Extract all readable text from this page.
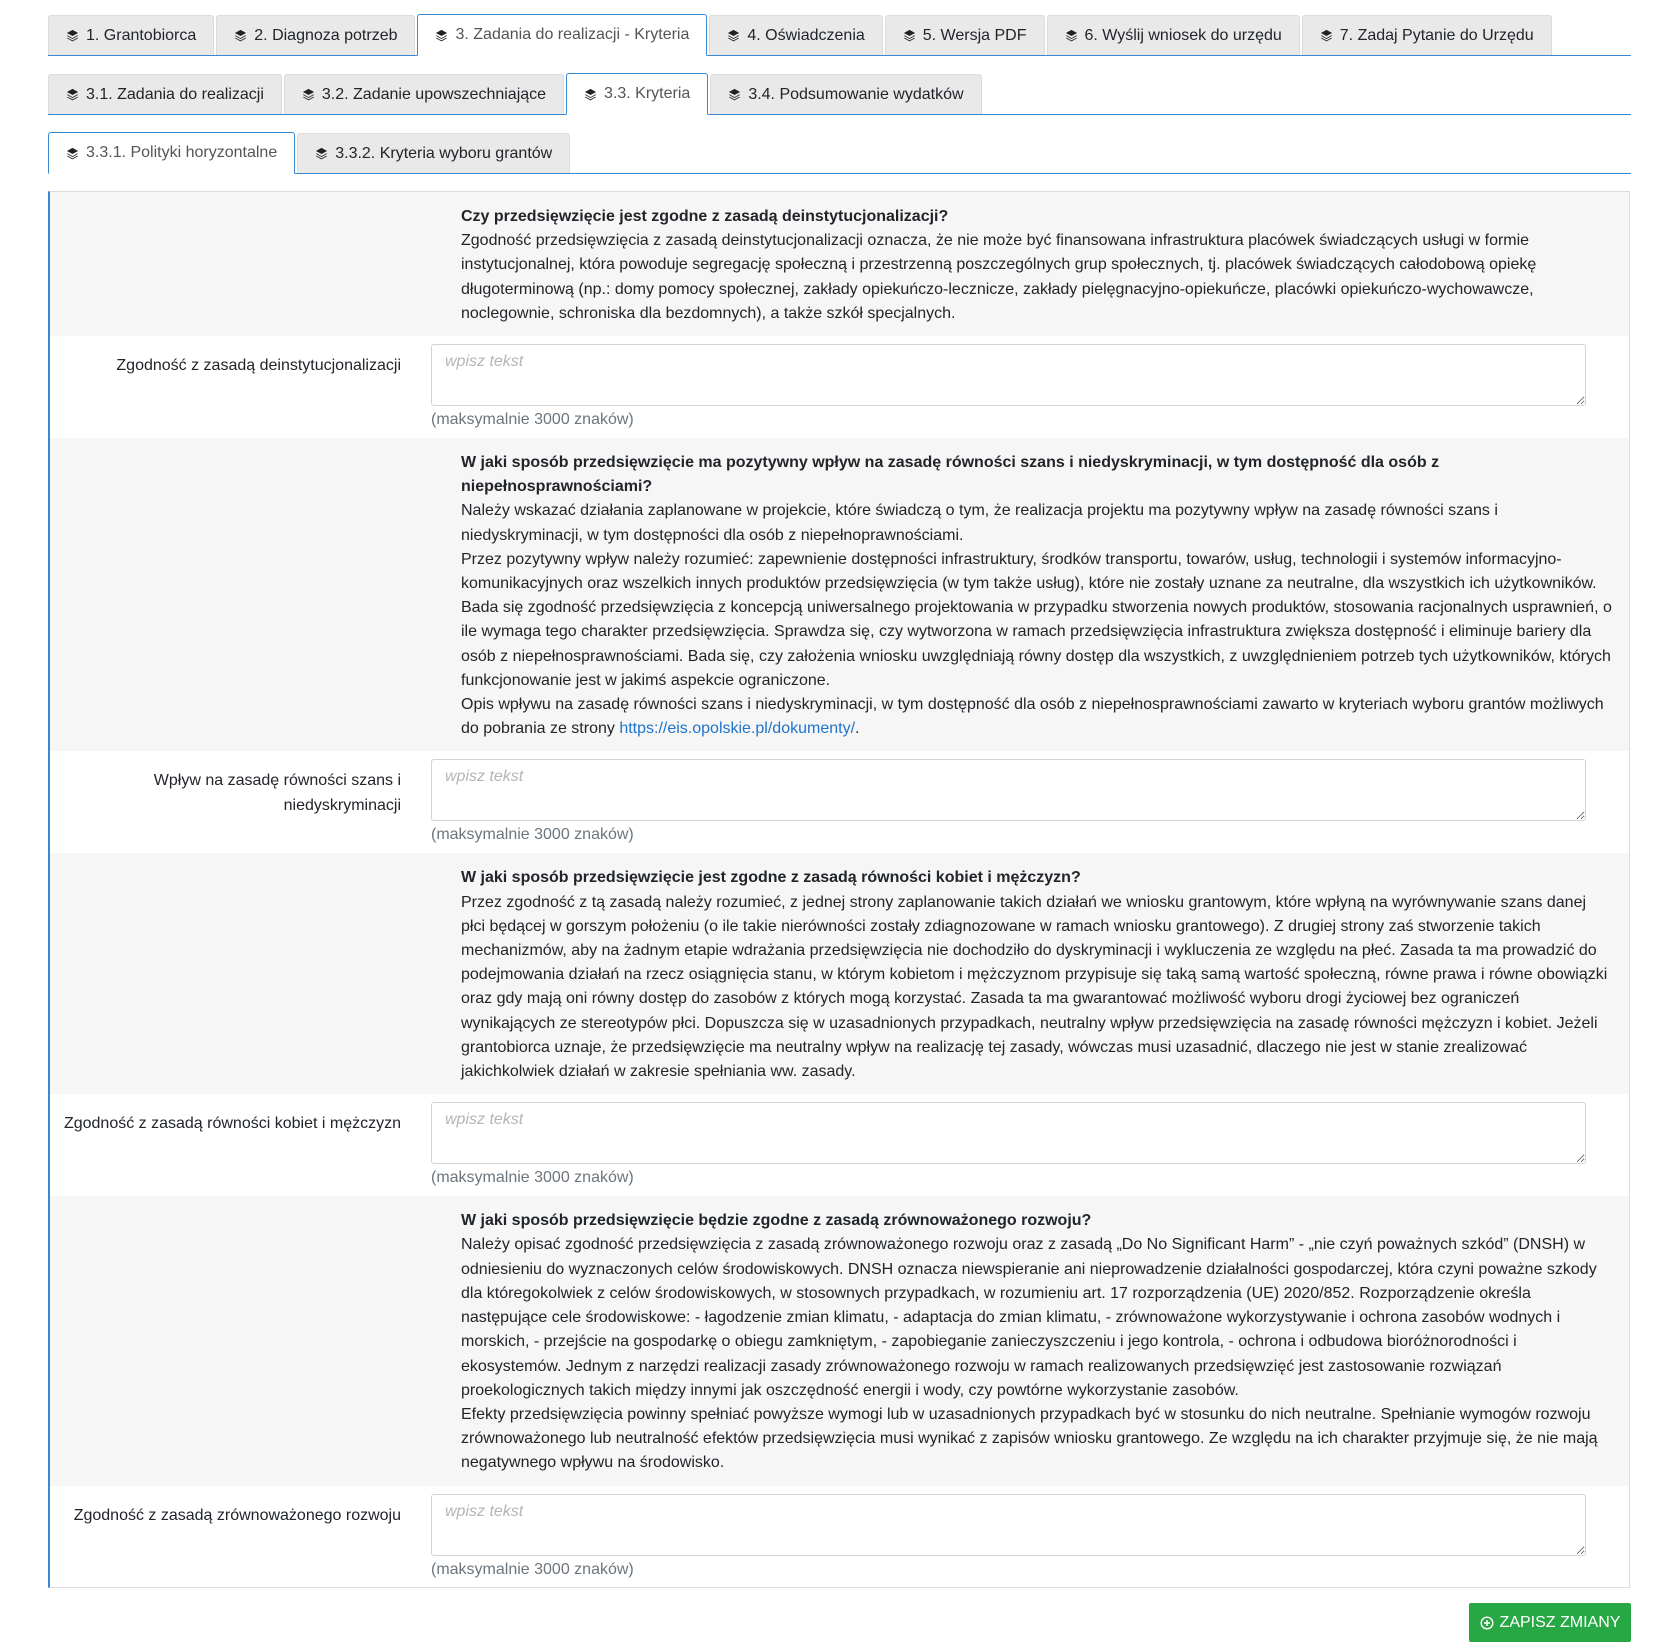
1. Grantobiorca	2. Diagnoza potrzeb	3. Zadania do realizacji - Kryteria	4. Oświadczenia	5. Wersja PDF	6. Wyślij wniosek do urzędu	7. Zadaj Pytanie do Urzędu
3.1. Zadania do realizacji	3.2. Zadanie upowszechniające	3.3. Kryteria	3.4. Podsumowanie wydatków
3.3.1. Polityki horyzontalne	3.3.2. Kryteria wyboru grantów
Czy przedsięwzięcie jest zgodne z zasadą deinstytucjonalizacji?

Zgodność przedsięwzięcia z zasadą deinstytucjonalizacji oznacza, że nie może być finansowana infrastruktura placówek świadczących usługi w formie instytucjonalnej, która powoduje segregację społeczną i przestrzenną poszczególnych grup społecznych, tj. placówek świadczących całodobową opiekę długoterminową (np.: domy pomocy społecznej, zakłady opiekuńczo-lecznicze, zakłady pielęgnacyjno-opiekuńcze, placówki opiekuńczo-wychowawcze, noclegownie, schroniska dla bezdomnych), a także szkół specjalnych.

Zgodność z zasadą deinstytucjonalizacji
wpisz tekst
(maksymalnie 3000 znaków)
W jaki sposób przedsięwzięcie ma pozytywny wpływ na zasadę równości szans i niedyskryminacji, w tym dostępność dla osób z niepełnosprawnościami?

Należy wskazać działania zaplanowane w projekcie, które świadczą o tym, że realizacja projektu ma pozytywny wpływ na zasadę równości szans i niedyskryminacji, w tym dostępności dla osób z niepełnoprawnościami.

Przez pozytywny wpływ należy rozumieć: zapewnienie dostępności infrastruktury, środków transportu, towarów, usług, technologii i systemów informacyjno-komunikacyjnych oraz wszelkich innych produktów przedsięwzięcia (w tym także usług), które nie zostały uznane za neutralne, dla wszystkich ich użytkowników. Bada się zgodność przedsięwzięcia z koncepcją uniwersalnego projektowania w przypadku stworzenia nowych produktów, stosowania racjonalnych usprawnień, o ile wymaga tego charakter przedsięwzięcia. Sprawdza się, czy wytworzona w ramach przedsięwzięcia infrastruktura zwiększa dostępność i eliminuje bariery dla osób z niepełnosprawnościami. Bada się, czy założenia wniosku uwzględniają równy dostęp dla wszystkich, z uwzględnieniem potrzeb tych użytkowników, których funkcjonowanie jest w jakimś aspekcie ograniczone.

Opis wpływu na zasadę równości szans i niedyskryminacji, w tym dostępność dla osób z niepełnosprawnościami zawarto w kryteriach wyboru grantów możliwych do pobrania ze strony https://eis.opolskie.pl/dokumenty/.

Wpływ na zasadę równości szans i niedyskryminacji
wpisz tekst
(maksymalnie 3000 znaków)
W jaki sposób przedsięwzięcie jest zgodne z zasadą równości kobiet i mężczyzn?

Przez zgodność z tą zasadą należy rozumieć, z jednej strony zaplanowanie takich działań we wniosku grantowym, które wpłyną na wyrównywanie szans danej płci będącej w gorszym położeniu (o ile takie nierówności zostały zdiagnozowane w ramach wniosku grantowego). Z drugiej strony zaś stworzenie takich mechanizmów, aby na żadnym etapie wdrażania przedsięwzięcia nie dochodziło do dyskryminacji i wykluczenia ze względu na płeć. Zasada ta ma prowadzić do podejmowania działań na rzecz osiągnięcia stanu, w którym kobietom i mężczyznom przypisuje się taką samą wartość społeczną, równe prawa i równe obowiązki oraz gdy mają oni równy dostęp do zasobów z których mogą korzystać. Zasada ta ma gwarantować możliwość wyboru drogi życiowej bez ograniczeń wynikających ze stereotypów płci. Dopuszcza się w uzasadnionych przypadkach, neutralny wpływ przedsięwzięcia na zasadę równości mężczyzn i kobiet. Jeżeli grantobiorca uznaje, że przedsięwzięcie ma neutralny wpływ na realizację tej zasady, wówczas musi uzasadnić, dlaczego nie jest w stanie zrealizować jakichkolwiek działań w zakresie spełniania ww. zasady.

Zgodność z zasadą równości kobiet i mężczyzn
wpisz tekst
(maksymalnie 3000 znaków)
W jaki sposób przedsięwzięcie będzie zgodne z zasadą zrównoważonego rozwoju?

Należy opisać zgodność przedsięwzięcia z zasadą zrównoważonego rozwoju oraz z zasadą „Do No Significant Harm” - „nie czyń poważnych szkód” (DNSH) w odniesieniu do wyznaczonych celów środowiskowych. DNSH oznacza niewspieranie ani nieprowadzenie działalności gospodarczej, która czyni poważne szkody dla któregokolwiek z celów środowiskowych, w stosownych przypadkach, w rozumieniu art. 17 rozporządzenia (UE) 2020/852. Rozporządzenie określa następujące cele środowiskowe: - łagodzenie zmian klimatu, - adaptacja do zmian klimatu, - zrównoważone wykorzystywanie i ochrona zasobów wodnych i morskich, - przejście na gospodarkę o obiegu zamkniętym, - zapobieganie zanieczyszczeniu i jego kontrola, - ochrona i odbudowa bioróżnorodności i ekosystemów. Jednym z narzędzi realizacji zasady zrównoważonego rozwoju w ramach realizowanych przedsięwzięć jest zastosowanie rozwiązań proekologicznych takich między innymi jak oszczędność energii i wody, czy powtórne wykorzystanie zasobów.

Efekty przedsięwzięcia powinny spełniać powyższe wymogi lub w uzasadnionych przypadkach być w stosunku do nich neutralne. Spełnianie wymogów rozwoju zrównoważonego lub neutralność efektów przedsięwzięcia musi wynikać z zapisów wniosku grantowego. Ze względu na ich charakter przyjmuje się, że nie mają negatywnego wpływu na środowisko.

Zgodność z zasadą zrównoważonego rozwoju
wpisz tekst
(maksymalnie 3000 znaków)
ZAPISZ ZMIANY
